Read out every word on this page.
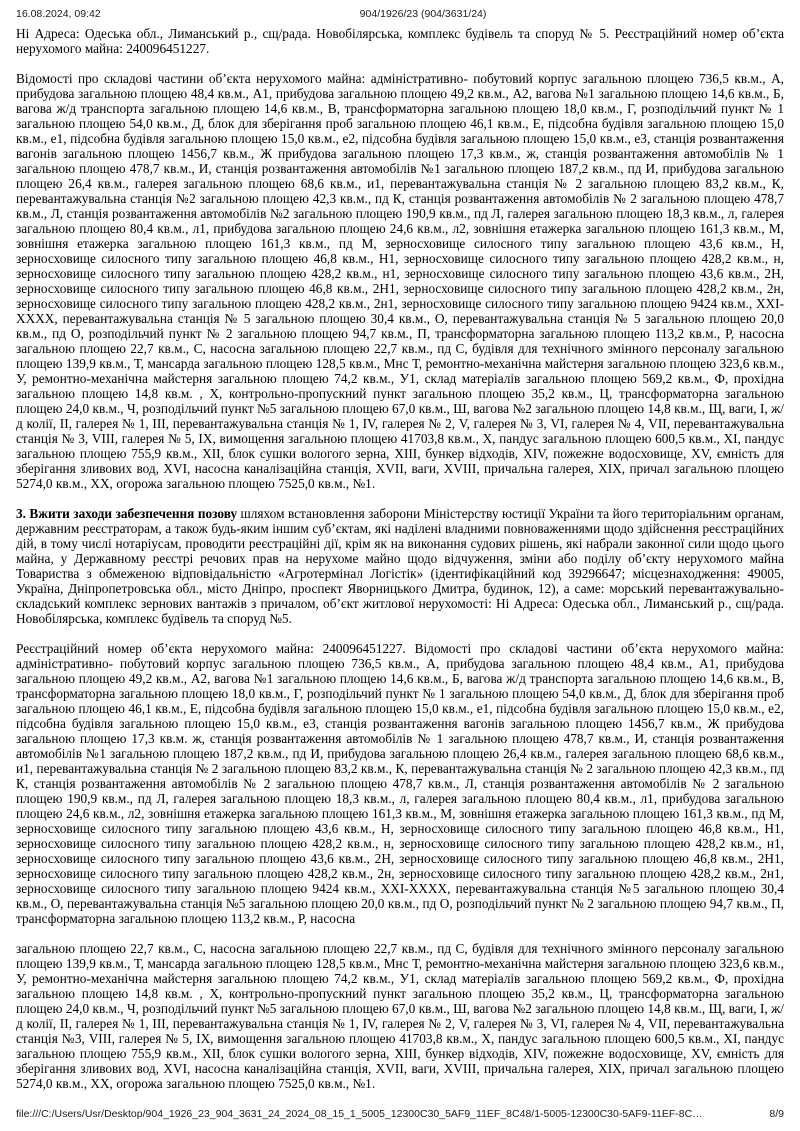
16.08.2024, 09:42	904/1926/23 (904/3631/24)

Ні Адреса: Одеська обл., Лиманський р., сщ/рада. Новобілярська, комплекс будівель та споруд № 5. Реєстраційний номер об’єкта нерухомого майна: 240096451227.

Відомості про складові частини об’єкта нерухомого майна: адміністративно- побутовий корпус загальною площею 736,5 кв.м., А, прибудова загальною площею 48,4 кв.м., А1, прибудова загальною площею 49,2 кв.м., А2, вагова №1 загальною площею 14,6 кв.м., Б, вагова ж/д транспорта загальною площею 14,6 кв.м., В, трансформаторна загальною площею 18,0 кв.м., Г, розподільчий пункт № 1 загальною площею 54,0 кв.м., Д, блок для зберігання проб загальною площею 46,1 кв.м., Е, підсобна будівля загальною площею 15,0 кв.м., е1, підсобна будівля загальною площею 15,0 кв.м., е2, підсобна будівля загальною площею 15,0 кв.м., е3, станція розвантаження вагонів загальною площею 1456,7 кв.м., Ж прибудова загальною площею 17,3 кв.м., ж, станція розвантаження автомобілів № 1 загальною площею 478,7 кв.м., И, станція розвантаження автомобілів №1 загальною площею 187,2 кв.м., пд И, прибудова загальною площею 26,4 кв.м., галерея загальною площею 68,6 кв.м., и1, перевантажувальна станція № 2 загальною площею 83,2 кв.м., К, перевантажувальна станція №2 загальною площею 42,3 кв.м., пд К, станція розвантаження автомобілів № 2 загальною площею 478,7 кв.м., Л, станція розвантаження автомобілів №2 загальною площею 190,9 кв.м., пд Л, галерея загальною площею 18,3 кв.м., л, галерея загальною площею 80,4 кв.м., л1, прибудова загальною площею 24,6 кв.м., л2, зовнішня етажерка загальною площею 161,3 кв.м., М, зовнішня етажерка загальною площею 161,3 кв.м., пд М, зерносховище силосного типу загальною площею 43,6 кв.м., Н, зерносховище силосного типу загальною площею 46,8 кв.м., Н1, зерносховище силосного типу загальною площею 428,2 кв.м., н, зерносховище силосного типу загальною площею 428,2 кв.м., н1, зерносховище силосного типу загальною площею 43,6 кв.м., 2Н, зерносховище силосного типу загальною площею 46,8 кв.м., 2Н1, зерносховище силосного типу загальною площею 428,2 кв.м., 2н, зерносховище силосного типу загальною площею 428,2 кв.м., 2н1, зерносховище силосного типу загальною площею 9424 кв.м., XXI-XXXX, перевантажувальна станція № 5 загальною площею 30,4 кв.м., О, перевантажувальна станція № 5 загальною площею 20,0 кв.м., пд О, розподільчий пункт № 2 загальною площею 94,7 кв.м., П, трансформаторна загальною площею 113,2 кв.м., Р, насосна загальною площею 22,7 кв.м., С, насосна загальною площею 22,7 кв.м., пд С, будівля для технічного змінного персоналу загальною площею 139,9 кв.м., Т, мансарда загальною площею 128,5 кв.м., Мнс Т, ремонтно-механічна майстерня загальною площею 323,6 кв.м., У, ремонтно-механічна майстерня загальною площею 74,2 кв.м., У1, склад матеріалів загальною площею 569,2 кв.м., Ф, прохідна загальною площею 14,8 кв.м. , Х, контрольно-пропускний пункт загальною площею 35,2 кв.м., Ц, трансформаторна загальною площею 24,0 кв.м., Ч, розподільчий пункт №5 загальною площею 67,0 кв.м., Ш, вагова №2 загальною площею 14,8 кв.м., Щ, ваги, І, ж/д колії, ІІ, галерея № 1, ІІІ, перевантажувальна станція № 1, IV, галерея № 2, V, галерея № 3, VI, галерея № 4, VII, перевантажувальна станція № 3, VIII, галерея № 5, ІХ, вимощення загальною площею 41703,8 кв.м., Х, пандус загальною площею 600,5 кв.м., ХІ, пандус загальною площею 755,9 кв.м., ХІІ, блок сушки вологого зерна, ХІІІ, бункер відходів, XIV, пожежне водосховище, XV, ємність для зберігання зливових вод, XVI, насосна каналізаційна станція, XVII, ваги, XVIII, причальна галерея, ХІХ, причал загальною площею 5274,0 кв.м., ХХ, огорожа загальною площею 7525,0 кв.м., №1.

3. Вжити заходи забезпечення позову шляхом встановлення заборони Міністерству юстиції України та його територіальним органам, державним реєстраторам, а також будь-яким іншим суб’єктам, які наділені владними повноваженнями щодо здійснення реєстраційних дій, в тому числі нотаріусам, проводити реєстраційні дії, крім як на виконання судових рішень, які набрали законної сили щодо цього майна, у Державному реєстрі речових прав на нерухоме майно щодо відчуження, зміни або поділу об’єкту нерухомого майна Товариства з обмеженою відповідальністю «Агротермінал Логістік» (ідентифікаційний код 39296647; місцезнаходження: 49005, Україна, Дніпропетровська обл., місто Дніпро, проспект Яворницького Дмитра, будинок, 12), а саме: морський перевантажувально-складський комплекс зернових вантажів з причалом, об’єкт житлової нерухомості: Ні Адреса: Одеська обл., Лиманський р., сщ/рада. Новобілярська, комплекс будівель та споруд №5.

Реєстраційний номер об’єкта нерухомого майна: 240096451227. Відомості про складові частини об’єкта нерухомого майна: адміністративно- побутовий корпус загальною площею 736,5 кв.м., А, прибудова загальною площею 48,4 кв.м., А1, прибудова загальною площею 49,2 кв.м., А2, вагова №1 загальною площею 14,6 кв.м., Б, вагова ж/д транспорта загальною площею 14,6 кв.м., В, трансформаторна загальною площею 18,0 кв.м., Г, розподільчий пункт № 1 загальною площею 54,0 кв.м., Д, блок для зберігання проб загальною площею 46,1 кв.м., Е, підсобна будівля загальною площею 15,0 кв.м., е1, підсобна будівля загальною площею 15,0 кв.м., е2, підсобна будівля загальною площею 15,0 кв.м., е3, станція розвантаження вагонів загальною площею 1456,7 кв.м., Ж прибудова загальною площею 17,3 кв.м. ж, станція розвантаження автомобілів № 1 загальною площею 478,7 кв.м., И, станція розвантаження автомобілів №1 загальною площею 187,2 кв.м., пд И, прибудова загальною площею 26,4 кв.м., галерея загальною площею 68,6 кв.м., и1, перевантажувальна станція № 2 загальною площею 83,2 кв.м., К, перевантажувальна станція № 2 загальною площею 42,3 кв.м., пд К, станція розвантаження автомобілів № 2 загальною площею 478,7 кв.м., Л, станція розвантаження автомобілів № 2 загальною площею 190,9 кв.м., пд Л, галерея загальною площею 18,3 кв.м., л, галерея загальною площею 80,4 кв.м., л1, прибудова загальною площею 24,6 кв.м., л2, зовнішня етажерка загальною площею 161,3 кв.м., М, зовнішня етажерка загальною площею 161,3 кв.м., пд М, зерносховище силосного типу загальною площею 43,6 кв.м., Н, зерносховище силосного типу загальною площею 46,8 кв.м., Н1, зерносховище силосного типу загальною площею 428,2 кв.м., н, зерносховище силосного типу загальною площею 428,2 кв.м., н1, зерносховище силосного типу загальною площею 43,6 кв.м., 2Н, зерносховище силосного типу загальною площею 46,8 кв.м., 2Н1, зерносховище силосного типу загальною площею 428,2 кв.м., 2н, зерносховище силосного типу загальною площею 428,2 кв.м., 2н1, зерносховище силосного типу загальною площею 9424 кв.м., XXI-XXXX, перевантажувальна станція №5 загальною площею 30,4 кв.м., О, перевантажувальна станція №5 загальною площею 20,0 кв.м., пд О, розподільчий пункт № 2 загальною площею 94,7 кв.м., П, трансформаторна загальною площею 113,2 кв.м., Р, насосна

загальною площею 22,7 кв.м., С, насосна загальною площею 22,7 кв.м., пд С, будівля для технічного змінного персоналу загальною площею 139,9 кв.м., Т, мансарда загальною площею 128,5 кв.м., Мнс Т, ремонтно-механічна майстерня загальною площею 323,6 кв.м., У, ремонтно-механічна майстерня загальною площею 74,2 кв.м., У1, склад матеріалів загальною площею 569,2 кв.м., Ф, прохідна загальною площею 14,8 кв.м. , Х, контрольно-пропускний пункт загальною площею 35,2 кв.м., Ц, трансформаторна загальною площею 24,0 кв.м., Ч, розподільчий пункт №5 загальною площею 67,0 кв.м., Ш, вагова №2 загальною площею 14,8 кв.м., Щ, ваги, І, ж/д колії, ІІ, галерея № 1, ІІІ, перевантажувальна станція № 1, IV, галерея № 2, V, галерея № 3, VI, галерея № 4, VII, перевантажувальна станція №3, VIII, галерея № 5, ІХ, вимощення загальною площею 41703,8 кв.м., Х, пандус загальною площею 600,5 кв.м., ХІ, пандус загальною площею 755,9 кв.м., ХІІ, блок сушки вологого зерна, ХІІІ, бункер відходів, XIV, пожежне водосховище, XV, ємність для зберігання зливових вод, XVI, насосна каналізаційна станція, XVII, ваги, XVIII, причальна галерея, ХІХ, причал загальною площею 5274,0 кв.м., ХХ, огорожа загальною площею 7525,0 кв.м., №1.

file:///C:/Users/Usr/Desktop/904_1926_23_904_3631_24_2024_08_15_1_5005_12300C30_5AF9_11EF_8C48/1-5005-12300C30-5AF9-11EF-8C…	8/9
